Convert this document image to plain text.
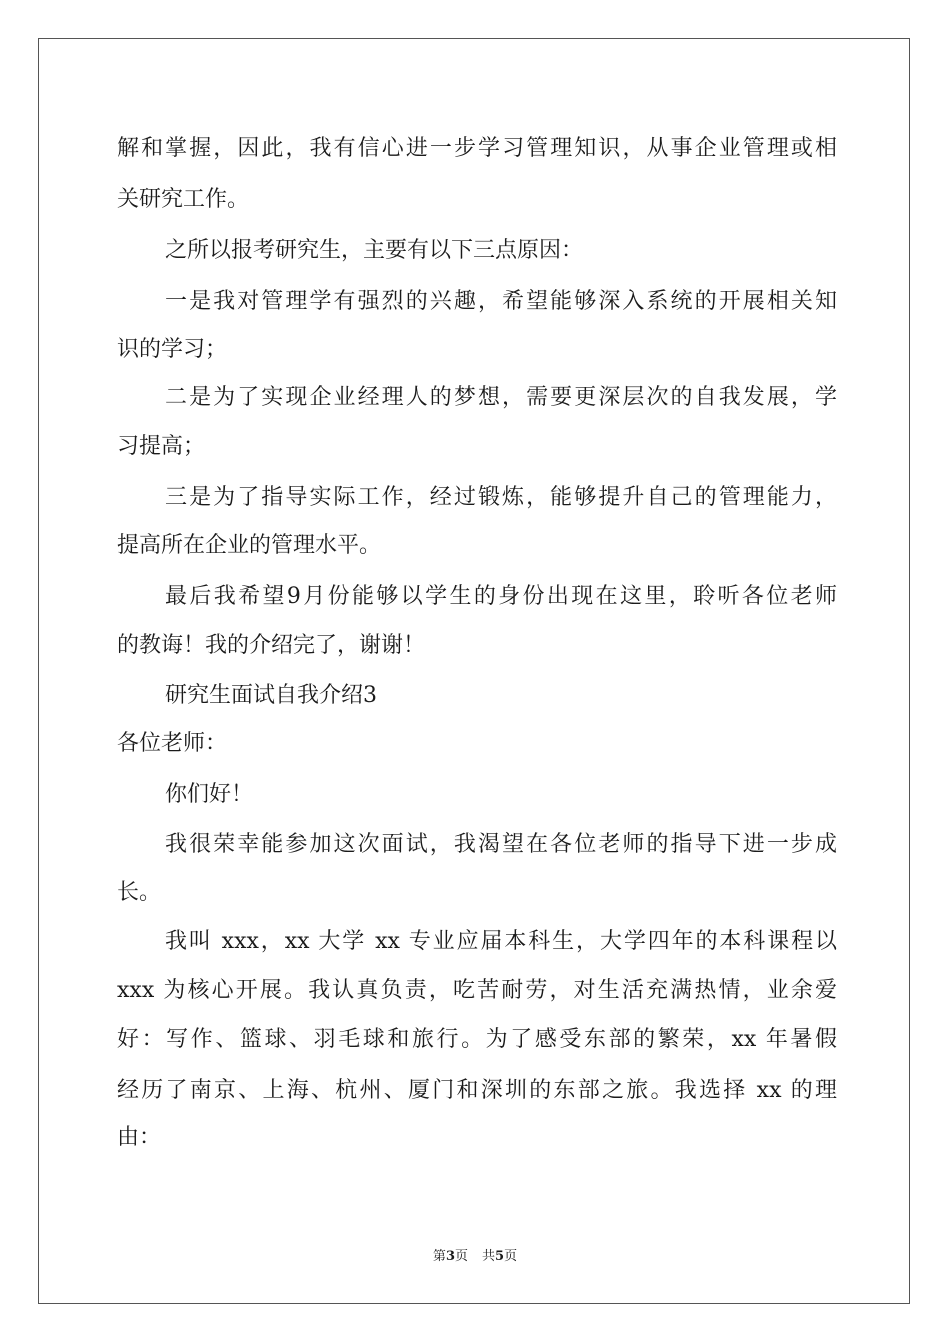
解和掌握，因此，我有信心进一步学习管理知识，从事企业管理或相
关研究工作。
之所以报考研究生，主要有以下三点原因：
一是我对管理学有强烈的兴趣，希望能够深入系统的开展相关知
识的学习；
二是为了实现企业经理人的梦想，需要更深层次的自我发展，学
习提高；
三是为了指导实际工作，经过锻炼，能够提升自己的管理能力，
提高所在企业的管理水平。
最后我希望9月份能够以学生的身份出现在这里，聆听各位老师
的教诲！我的介绍完了，谢谢！
研究生面试自我介绍3
各位老师：
你们好！
我很荣幸能参加这次面试，我渴望在各位老师的指导下进一步成
长。
我叫 xxx，xx 大学 xx 专业应届本科生，大学四年的本科课程以
xxx 为核心开展。我认真负责，吃苦耐劳，对生活充满热情，业余爱
好：写作、篮球、羽毛球和旅行。为了感受东部的繁荣，xx 年暑假
经历了南京、上海、杭州、厦门和深圳的东部之旅。我选择 xx 的理
由：
第3页 共5页
